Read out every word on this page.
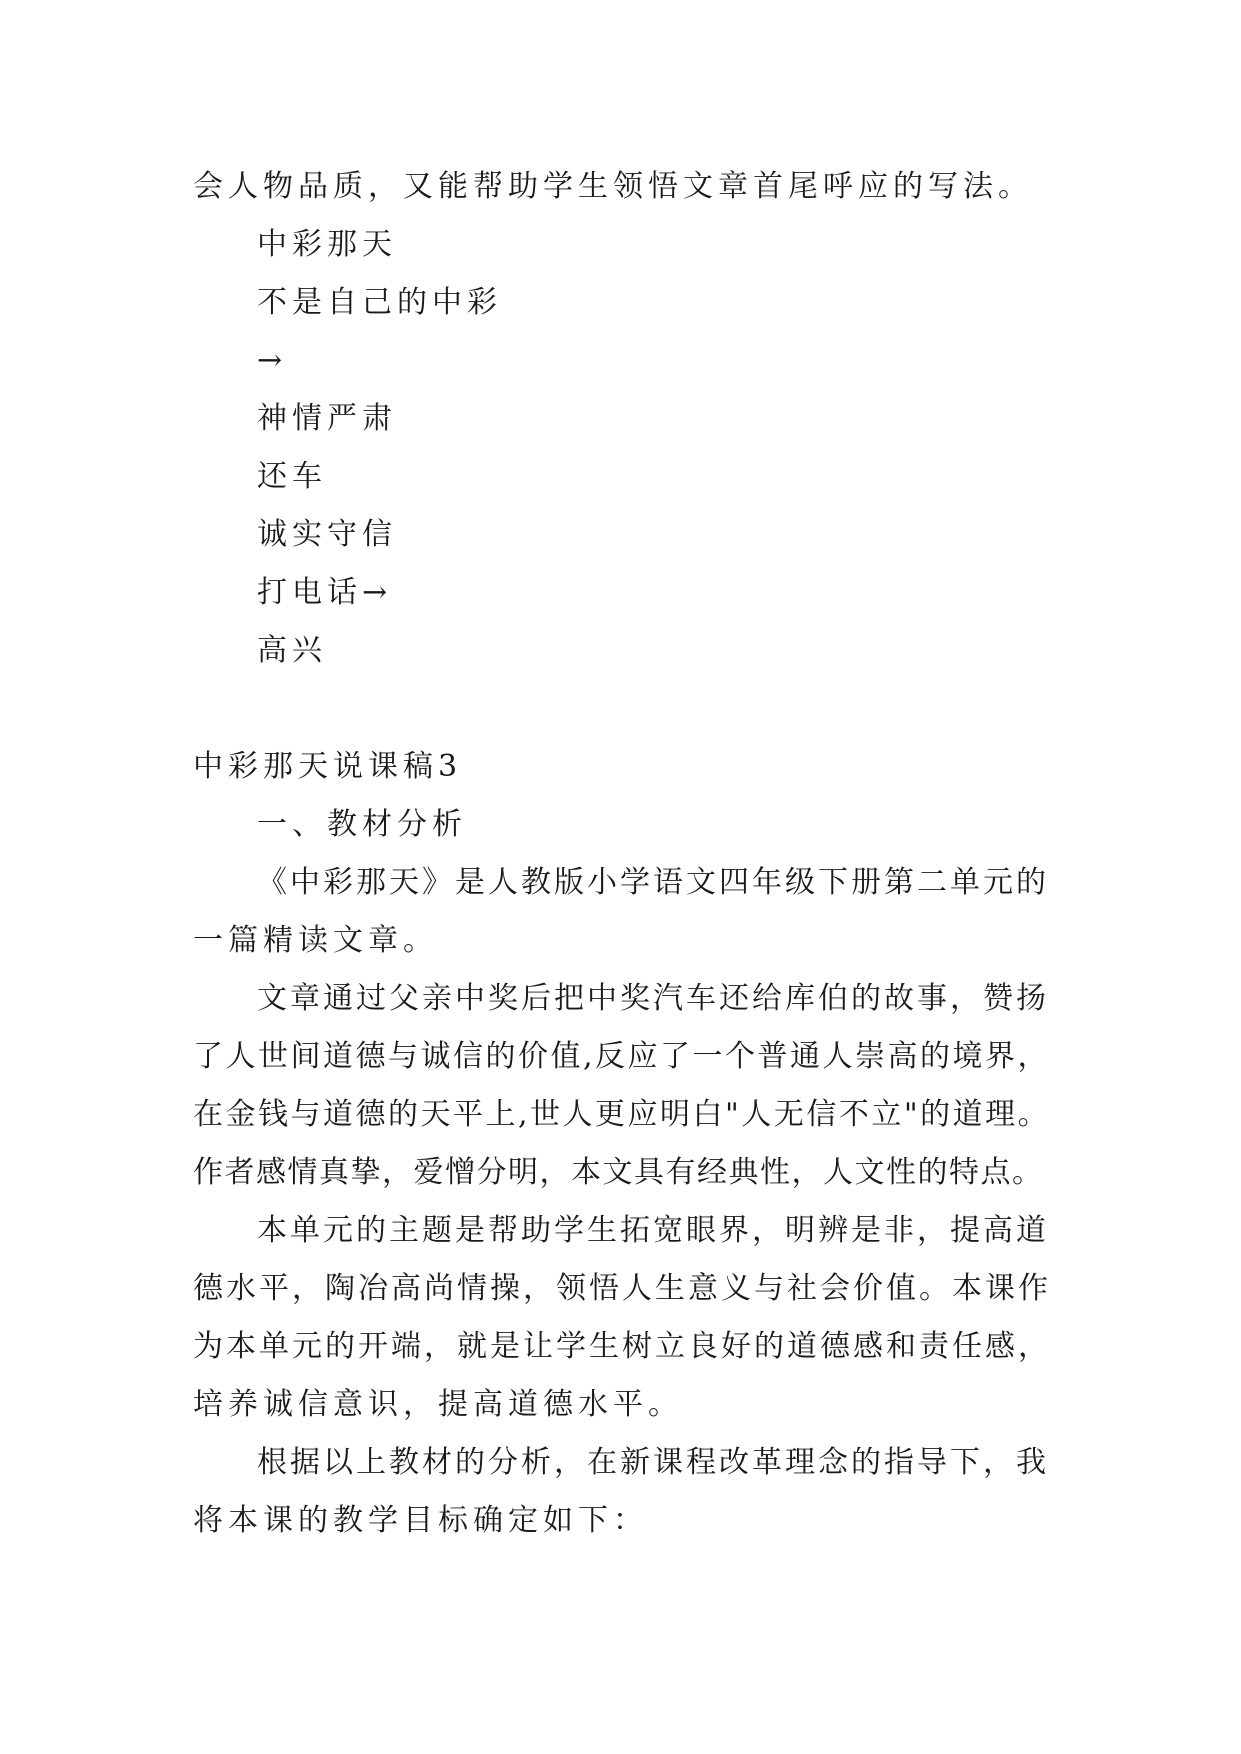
会人物品质，又能帮助学生领悟文章首尾呼应的写法。
中彩那天
不是自己的中彩
→
神情严肃
还车
诚实守信
打电话→
高兴
中彩那天说课稿3
一、教材分析
《中彩那天》是人教版小学语文四年级下册第二单元的
一篇精读文章。
文章通过父亲中奖后把中奖汽车还给库伯的故事，赞扬
了人世间道德与诚信的价值,反应了一个普通人崇高的境界，
在金钱与道德的天平上,世人更应明白"人无信不立"的道理。
作者感情真挚，爱憎分明，本文具有经典性，人文性的特点。
本单元的主题是帮助学生拓宽眼界，明辨是非，提高道
德水平，陶冶高尚情操，领悟人生意义与社会价值。本课作
为本单元的开端，就是让学生树立良好的道德感和责任感，
培养诚信意识，提高道德水平。
根据以上教材的分析，在新课程改革理念的指导下，我
将本课的教学目标确定如下：
